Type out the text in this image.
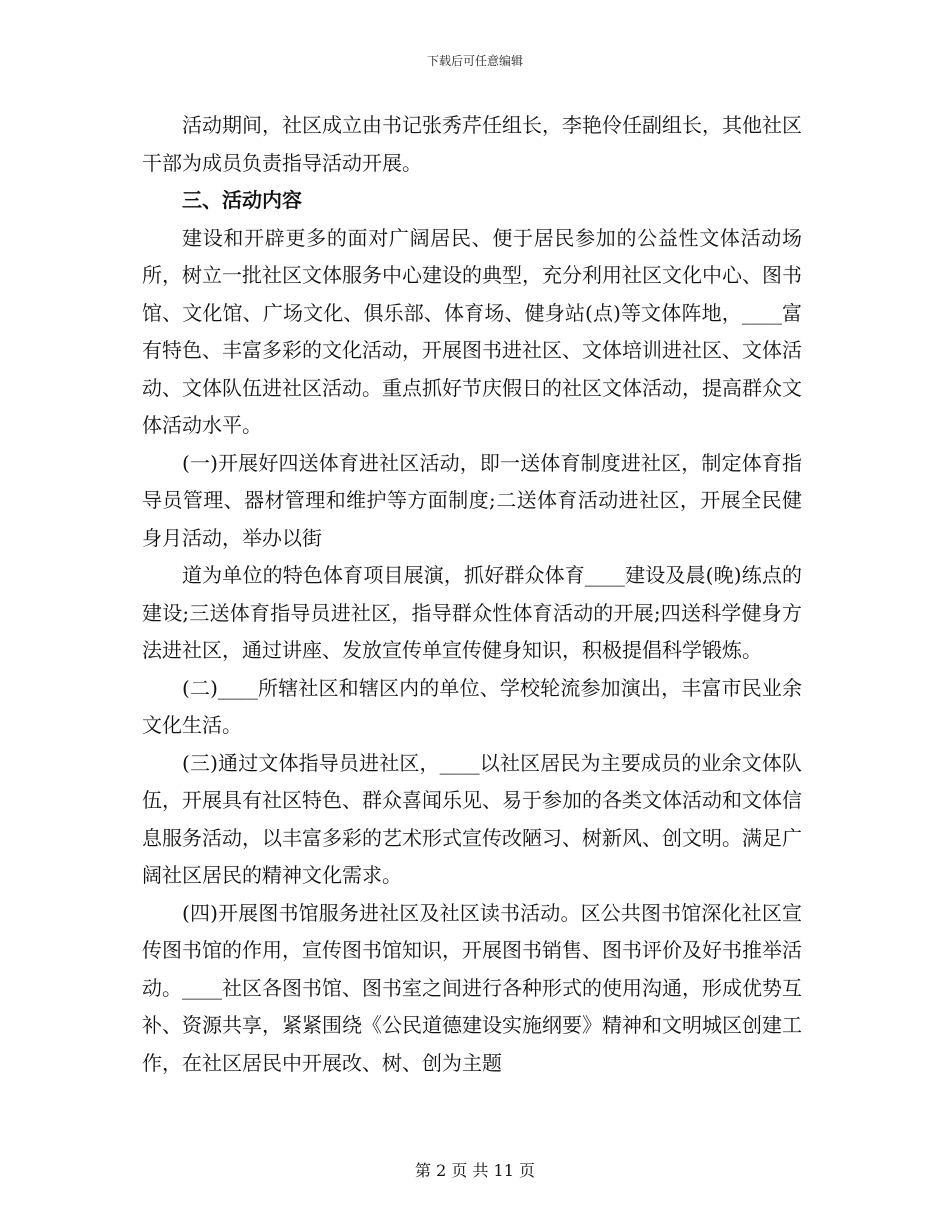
下载后可任意编辑

活动期间，社区成立由书记张秀芹任组长，李艳伶任副组长，其他社区干部为成员负责指导活动开展。

三、活动内容

建设和开辟更多的面对广阔居民、便于居民参加的公益性文体活动场所，树立一批社区文体服务中心建设的典型，充分利用社区文化中心、图书馆、文化馆、广场文化、俱乐部、体育场、健身站(点)等文体阵地，____富有特色、丰富多彩的文化活动，开展图书进社区、文体培训进社区、文体活动、文体队伍进社区活动。重点抓好节庆假日的社区文体活动，提高群众文体活动水平。

(一)开展好四送体育进社区活动，即一送体育制度进社区，制定体育指导员管理、器材管理和维护等方面制度;二送体育活动进社区，开展全民健身月活动，举办以街

道为单位的特色体育项目展演，抓好群众体育____建设及晨(晚)练点的建设;三送体育指导员进社区，指导群众性体育活动的开展;四送科学健身方法进社区，通过讲座、发放宣传单宣传健身知识，积极提倡科学锻炼。

(二)____所辖社区和辖区内的单位、学校轮流参加演出，丰富市民业余文化生活。

(三)通过文体指导员进社区，____以社区居民为主要成员的业余文体队伍，开展具有社区特色、群众喜闻乐见、易于参加的各类文体活动和文体信息服务活动，以丰富多彩的艺术形式宣传改陋习、树新风、创文明。满足广阔社区居民的精神文化需求。

(四)开展图书馆服务进社区及社区读书活动。区公共图书馆深化社区宣传图书馆的作用，宣传图书馆知识，开展图书销售、图书评价及好书推举活动。____社区各图书馆、图书室之间进行各种形式的使用沟通，形成优势互补、资源共享，紧紧围绕《公民道德建设实施纲要》精神和文明城区创建工作，在社区居民中开展改、树、创为主题

第 2 页 共 11 页
